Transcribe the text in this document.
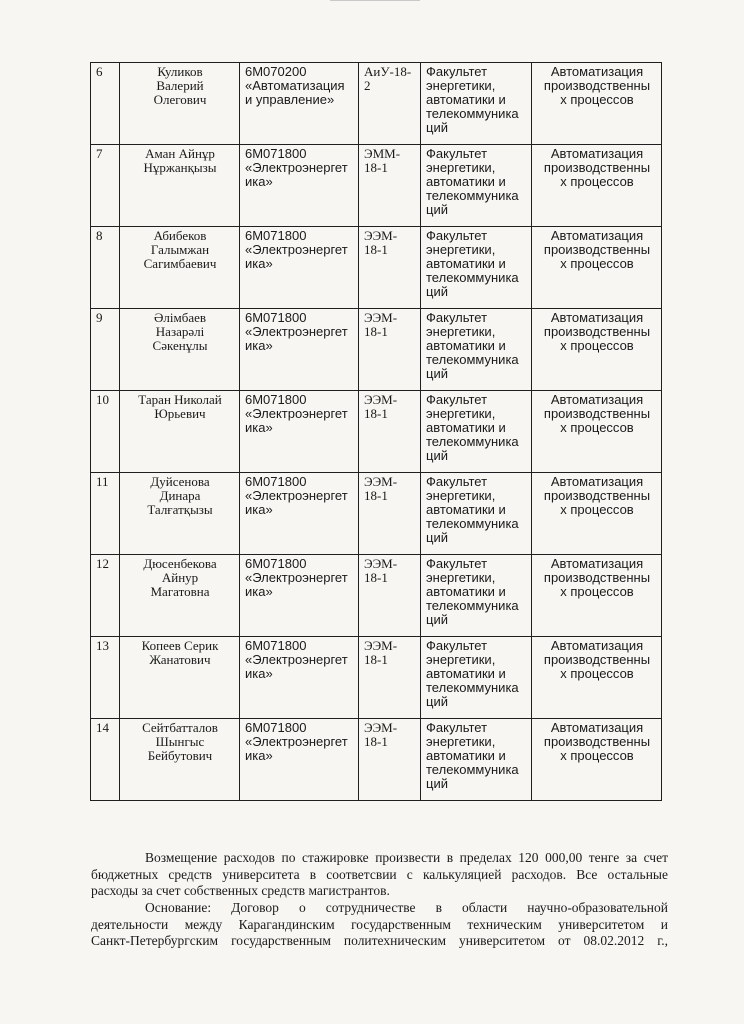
6	Куликов
Валерий
Олегович	6М070200
«Автоматизация
и управление»	АиУ-18-
2	Факультет
энергетики,
автоматики и
телекоммуника
ций	Автоматизация
производственны
х процессов

7	Аман Айнұр
Нұржанқызы	6М071800
«Электроэнергет
ика»	ЭММ-
18-1	Факультет
энергетики,
автоматики и
телекоммуника
ций	Автоматизация
производственны
х процессов

8	Абибеков
Галымжан
Сагимбаевич	6М071800
«Электроэнергет
ика»	ЭЭМ-
18-1	Факультет
энергетики,
автоматики и
телекоммуника
ций	Автоматизация
производственны
х процессов

9	Әлімбаев
Назарәлі
Сәкенұлы	6М071800
«Электроэнергет
ика»	ЭЭМ-
18-1	Факультет
энергетики,
автоматики и
телекоммуника
ций	Автоматизация
производственны
х процессов

10	Таран Николай
Юрьевич	6М071800
«Электроэнергет
ика»	ЭЭМ-
18-1	Факультет
энергетики,
автоматики и
телекоммуника
ций	Автоматизация
производственны
х процессов

11	Дуйсенова
Динара
Талғатқызы	6М071800
«Электроэнергет
ика»	ЭЭМ-
18-1	Факультет
энергетики,
автоматики и
телекоммуника
ций	Автоматизация
производственны
х процессов

12	Дюсенбекова
Айнур
Магатовна	6М071800
«Электроэнергет
ика»	ЭЭМ-
18-1	Факультет
энергетики,
автоматики и
телекоммуника
ций	Автоматизация
производственны
х процессов

13	Копеев Серик
Жанатович	6М071800
«Электроэнергет
ика»	ЭЭМ-
18-1	Факультет
энергетики,
автоматики и
телекоммуника
ций	Автоматизация
производственны
х процессов

14	Сейтбатталов
Шынгыс
Бейбутович	6М071800
«Электроэнергет
ика»	ЭЭМ-
18-1	Факультет
энергетики,
автоматики и
телекоммуника
ций	Автоматизация
производственны
х процессов
Возмещение расходов по стажировке произвести в пределах 120 000,00 тенге за счет
бюджетных средств университета в соответсвии с калькуляцией расходов. Все остальные
расходы за счет собственных средств магистрантов.
Основание: Договор о сотрудничестве в области научно-образовательной
деятельности между Карагандинским государственным техническим университетом и
Санкт-Петербургским государственным политехническим университетом от 08.02.2012 г.,
